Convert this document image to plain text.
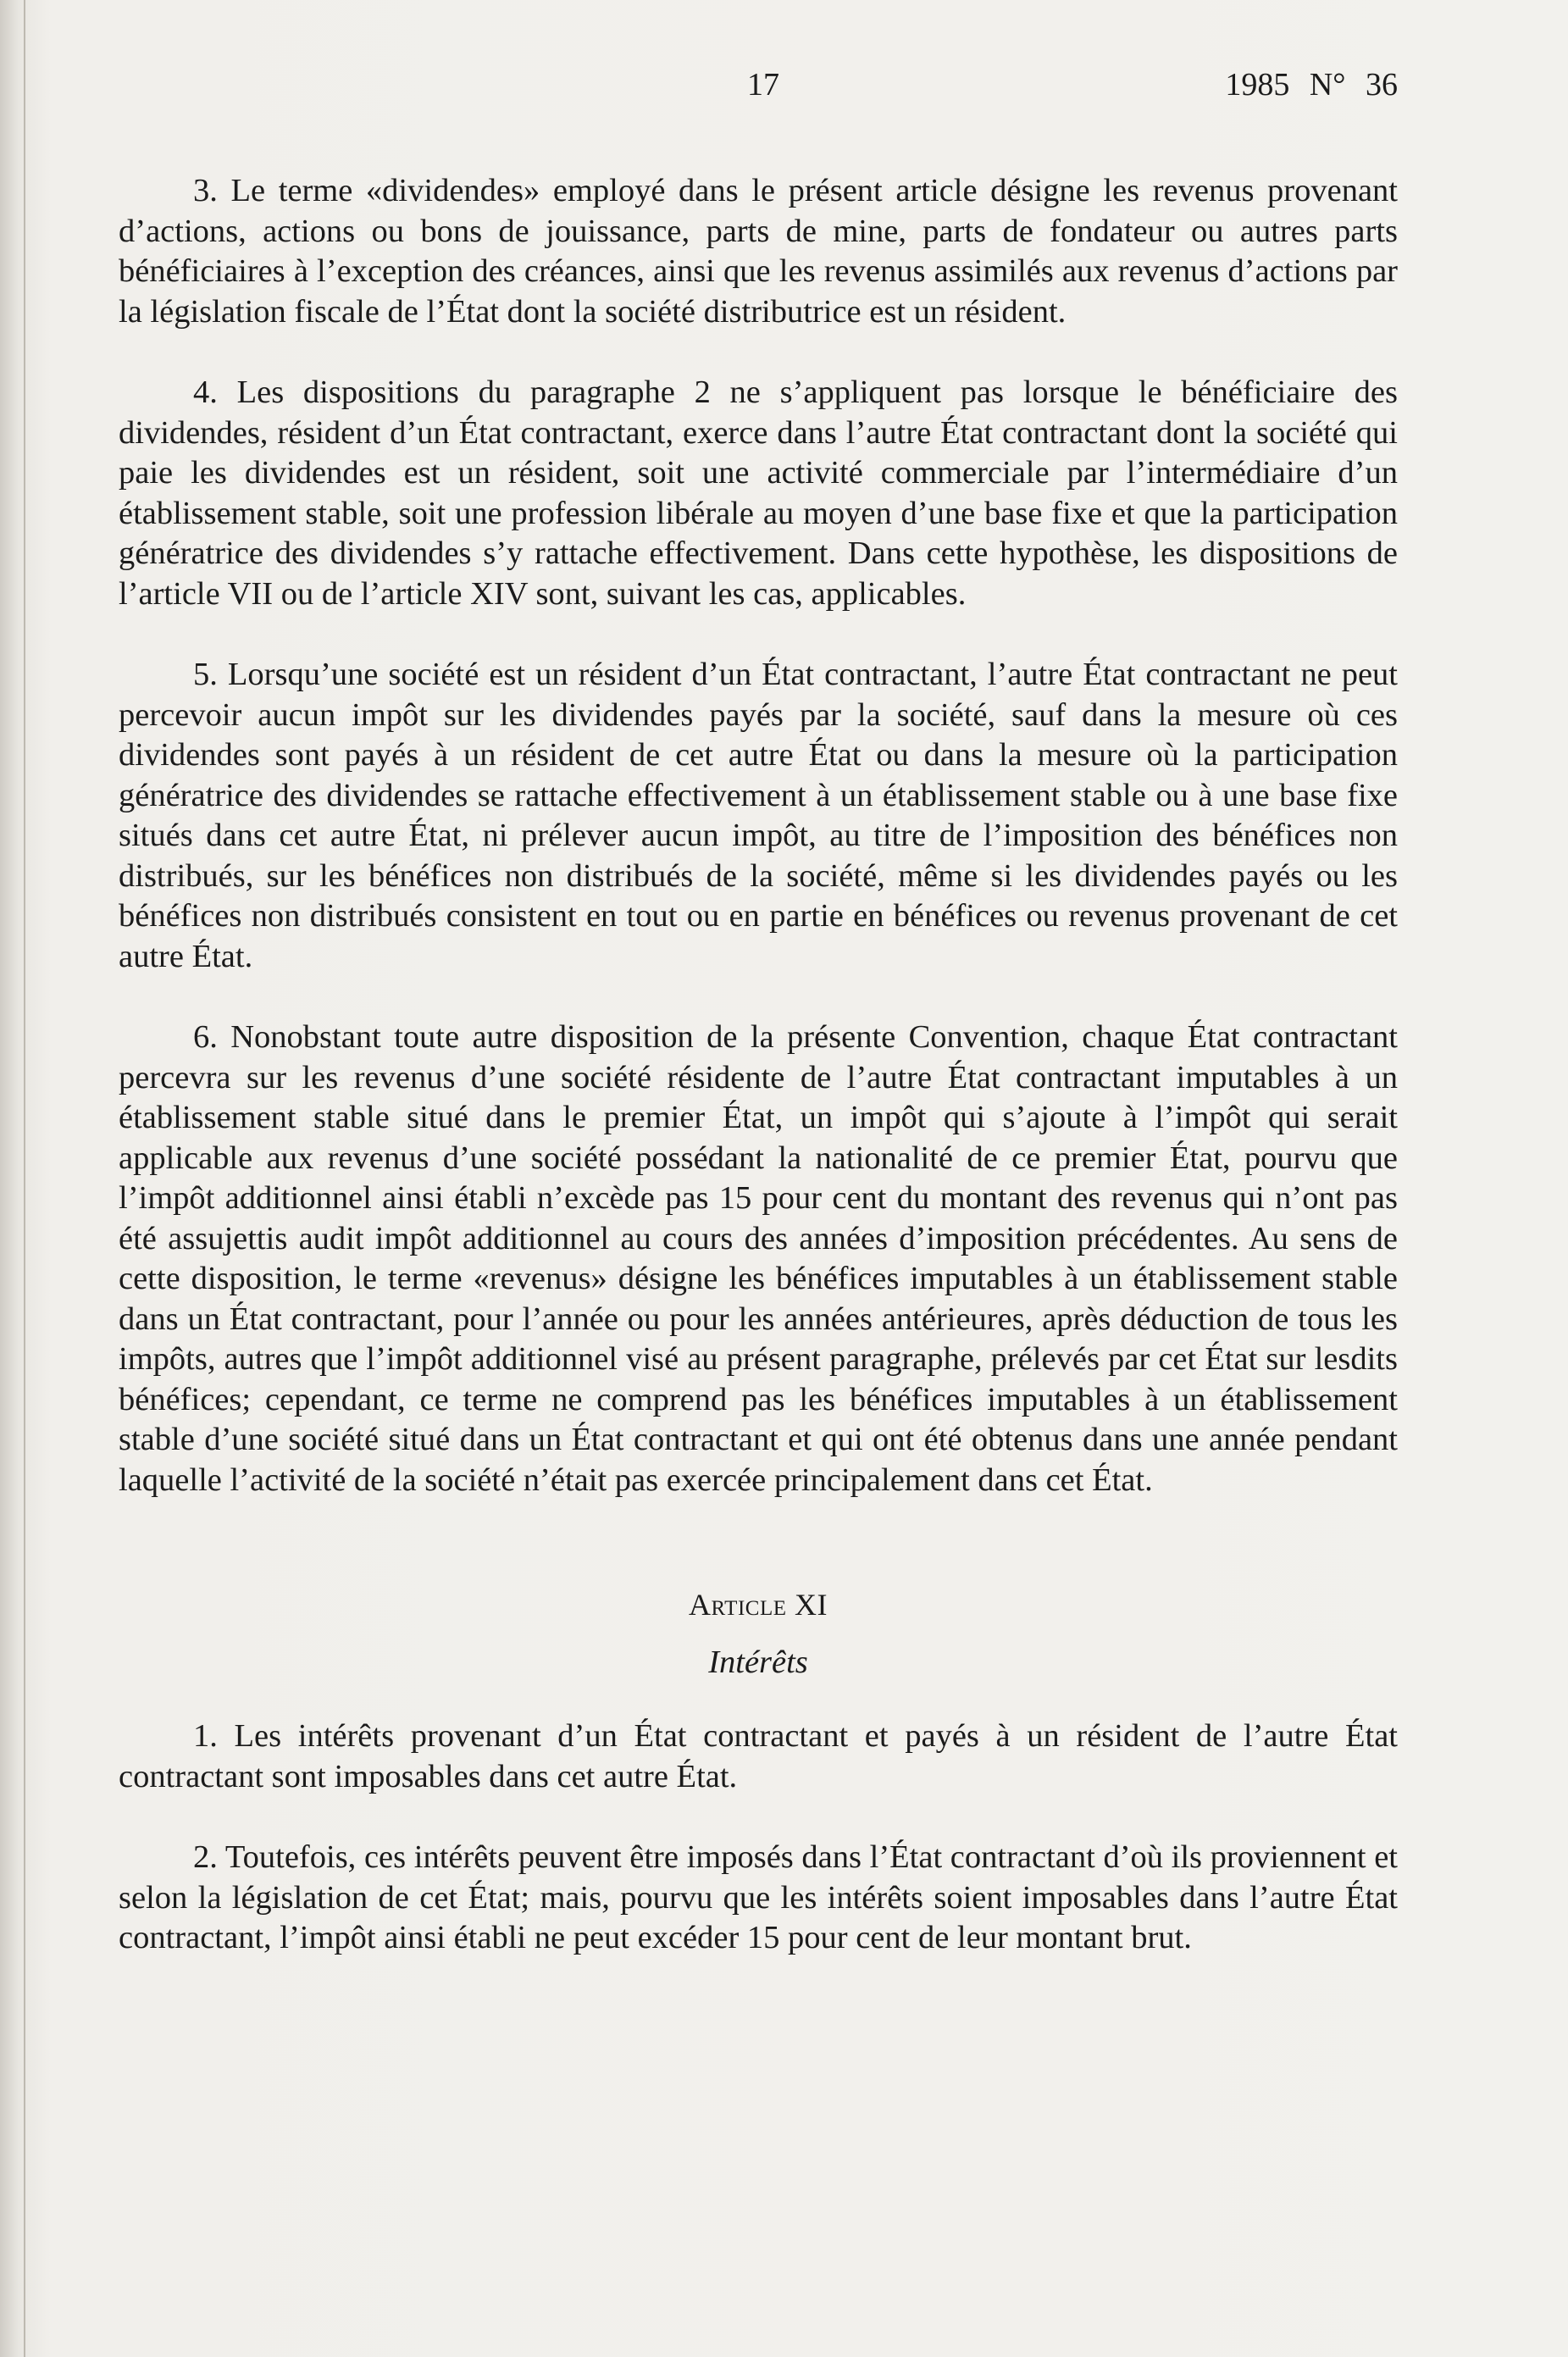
17	1985 N° 36

3. Le terme «dividendes» employé dans le présent article désigne les revenus provenant d’actions, actions ou bons de jouissance, parts de mine, parts de fondateur ou autres parts bénéficiaires à l’exception des créances, ainsi que les revenus assimilés aux revenus d’actions par la législation fiscale de l’État dont la société distributrice est un résident.

4. Les dispositions du paragraphe 2 ne s’appliquent pas lorsque le bénéficiaire des dividendes, résident d’un État contractant, exerce dans l’autre État contractant dont la société qui paie les dividendes est un résident, soit une activité commerciale par l’intermédiaire d’un établissement stable, soit une profession libérale au moyen d’une base fixe et que la participation génératrice des dividendes s’y rattache effectivement. Dans cette hypothèse, les dispositions de l’article VII ou de l’article XIV sont, suivant les cas, applicables.

5. Lorsqu’une société est un résident d’un État contractant, l’autre État contractant ne peut percevoir aucun impôt sur les dividendes payés par la société, sauf dans la mesure où ces dividendes sont payés à un résident de cet autre État ou dans la mesure où la participation génératrice des dividendes se rattache effectivement à un établissement stable ou à une base fixe situés dans cet autre État, ni prélever aucun impôt, au titre de l’imposition des bénéfices non distribués, sur les bénéfices non distribués de la société, même si les dividendes payés ou les bénéfices non distribués consistent en tout ou en partie en bénéfices ou revenus provenant de cet autre État.

6. Nonobstant toute autre disposition de la présente Convention, chaque État contractant percevra sur les revenus d’une société résidente de l’autre État contractant imputables à un établissement stable situé dans le premier État, un impôt qui s’ajoute à l’impôt qui serait applicable aux revenus d’une société possédant la nationalité de ce premier État, pourvu que l’impôt additionnel ainsi établi n’excède pas 15 pour cent du montant des revenus qui n’ont pas été assujettis audit impôt additionnel au cours des années d’imposition précédentes. Au sens de cette disposition, le terme «revenus» désigne les bénéfices imputables à un établissement stable dans un État contractant, pour l’année ou pour les années antérieures, après déduction de tous les impôts, autres que l’impôt additionnel visé au présent paragraphe, prélevés par cet État sur lesdits bénéfices; cependant, ce terme ne comprend pas les bénéfices imputables à un établissement stable d’une société situé dans un État contractant et qui ont été obtenus dans une année pendant laquelle l’activité de la société n’était pas exercée principalement dans cet État.

Article XI
Intérêts

1. Les intérêts provenant d’un État contractant et payés à un résident de l’autre État contractant sont imposables dans cet autre État.

2. Toutefois, ces intérêts peuvent être imposés dans l’État contractant d’où ils proviennent et selon la législation de cet État; mais, pourvu que les intérêts soient imposables dans l’autre État contractant, l’impôt ainsi établi ne peut excéder 15 pour cent de leur montant brut.
